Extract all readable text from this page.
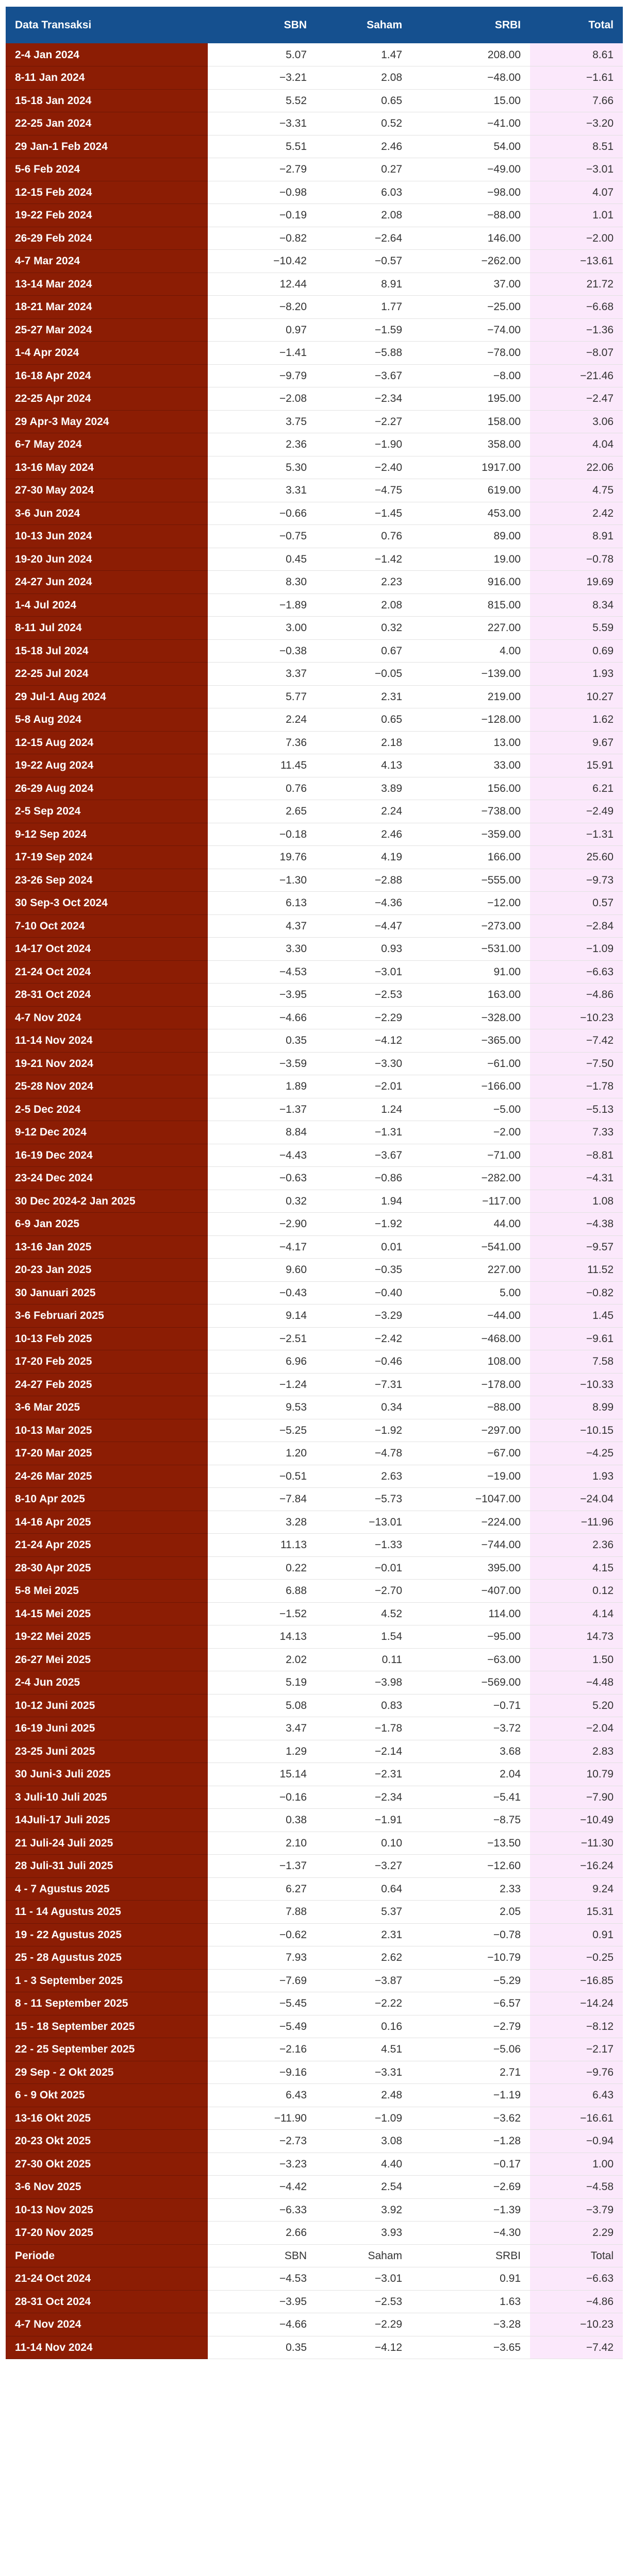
Data Transaksi	SBN	Saham	SRBI	Total
2-4 Jan 2024	5.07	1.47	208.00	8.61
8-11 Jan 2024	−3.21	2.08	−48.00	−1.61
15-18 Jan 2024	5.52	0.65	15.00	7.66
22-25 Jan 2024	−3.31	0.52	−41.00	−3.20
29 Jan-1 Feb 2024	5.51	2.46	54.00	8.51
5-6 Feb 2024	−2.79	0.27	−49.00	−3.01
12-15 Feb 2024	−0.98	6.03	−98.00	4.07
19-22 Feb 2024	−0.19	2.08	−88.00	1.01
26-29 Feb 2024	−0.82	−2.64	146.00	−2.00
4-7 Mar 2024	−10.42	−0.57	−262.00	−13.61
13-14 Mar 2024	12.44	8.91	37.00	21.72
18-21 Mar 2024	−8.20	1.77	−25.00	−6.68
25-27 Mar 2024	0.97	−1.59	−74.00	−1.36
1-4 Apr 2024	−1.41	−5.88	−78.00	−8.07
16-18 Apr 2024	−9.79	−3.67	−8.00	−21.46
22-25 Apr 2024	−2.08	−2.34	195.00	−2.47
29 Apr-3 May 2024	3.75	−2.27	158.00	3.06
6-7 May 2024	2.36	−1.90	358.00	4.04
13-16 May 2024	5.30	−2.40	1917.00	22.06
27-30 May 2024	3.31	−4.75	619.00	4.75
3-6 Jun 2024	−0.66	−1.45	453.00	2.42
10-13 Jun 2024	−0.75	0.76	89.00	8.91
19-20 Jun 2024	0.45	−1.42	19.00	−0.78
24-27 Jun 2024	8.30	2.23	916.00	19.69
1-4 Jul 2024	−1.89	2.08	815.00	8.34
8-11 Jul 2024	3.00	0.32	227.00	5.59
15-18 Jul 2024	−0.38	0.67	4.00	0.69
22-25 Jul 2024	3.37	−0.05	−139.00	1.93
29 Jul-1 Aug 2024	5.77	2.31	219.00	10.27
5-8 Aug 2024	2.24	0.65	−128.00	1.62
12-15 Aug 2024	7.36	2.18	13.00	9.67
19-22 Aug 2024	11.45	4.13	33.00	15.91
26-29 Aug 2024	0.76	3.89	156.00	6.21
2-5 Sep 2024	2.65	2.24	−738.00	−2.49
9-12 Sep 2024	−0.18	2.46	−359.00	−1.31
17-19 Sep 2024	19.76	4.19	166.00	25.60
23-26 Sep 2024	−1.30	−2.88	−555.00	−9.73
30 Sep-3 Oct 2024	6.13	−4.36	−12.00	0.57
7-10 Oct 2024	4.37	−4.47	−273.00	−2.84
14-17 Oct 2024	3.30	0.93	−531.00	−1.09
21-24 Oct 2024	−4.53	−3.01	91.00	−6.63
28-31 Oct 2024	−3.95	−2.53	163.00	−4.86
4-7 Nov 2024	−4.66	−2.29	−328.00	−10.23
11-14 Nov 2024	0.35	−4.12	−365.00	−7.42
19-21 Nov 2024	−3.59	−3.30	−61.00	−7.50
25-28 Nov 2024	1.89	−2.01	−166.00	−1.78
2-5 Dec 2024	−1.37	1.24	−5.00	−5.13
9-12 Dec 2024	8.84	−1.31	−2.00	7.33
16-19 Dec 2024	−4.43	−3.67	−71.00	−8.81
23-24 Dec 2024	−0.63	−0.86	−282.00	−4.31
30 Dec 2024-2 Jan 2025	0.32	1.94	−117.00	1.08
6-9 Jan 2025	−2.90	−1.92	44.00	−4.38
13-16 Jan 2025	−4.17	0.01	−541.00	−9.57
20-23 Jan 2025	9.60	−0.35	227.00	11.52
30 Januari 2025	−0.43	−0.40	5.00	−0.82
3-6 Februari 2025	9.14	−3.29	−44.00	1.45
10-13 Feb 2025	−2.51	−2.42	−468.00	−9.61
17-20 Feb 2025	6.96	−0.46	108.00	7.58
24-27 Feb 2025	−1.24	−7.31	−178.00	−10.33
3-6 Mar 2025	9.53	0.34	−88.00	8.99
10-13 Mar 2025	−5.25	−1.92	−297.00	−10.15
17-20 Mar 2025	1.20	−4.78	−67.00	−4.25
24-26 Mar 2025	−0.51	2.63	−19.00	1.93
8-10 Apr 2025	−7.84	−5.73	−1047.00	−24.04
14-16 Apr 2025	3.28	−13.01	−224.00	−11.96
21-24 Apr 2025	11.13	−1.33	−744.00	2.36
28-30 Apr 2025	0.22	−0.01	395.00	4.15
5-8 Mei 2025	6.88	−2.70	−407.00	0.12
14-15 Mei 2025	−1.52	4.52	114.00	4.14
19-22 Mei 2025	14.13	1.54	−95.00	14.73
26-27 Mei 2025	2.02	0.11	−63.00	1.50
2-4 Jun 2025	5.19	−3.98	−569.00	−4.48
10-12 Juni 2025	5.08	0.83	−0.71	5.20
16-19 Juni 2025	3.47	−1.78	−3.72	−2.04
23-25 Juni 2025	1.29	−2.14	3.68	2.83
30 Juni-3 Juli 2025	15.14	−2.31	2.04	10.79
3 Juli-10 Juli 2025	−0.16	−2.34	−5.41	−7.90
14Juli-17 Juli 2025	0.38	−1.91	−8.75	−10.49
21 Juli-24 Juli 2025	2.10	0.10	−13.50	−11.30
28 Juli-31 Juli 2025	−1.37	−3.27	−12.60	−16.24
4 - 7 Agustus 2025	6.27	0.64	2.33	9.24
11 - 14 Agustus 2025	7.88	5.37	2.05	15.31
19 - 22 Agustus 2025	−0.62	2.31	−0.78	0.91
25 - 28 Agustus 2025	7.93	2.62	−10.79	−0.25
1 - 3 September 2025	−7.69	−3.87	−5.29	−16.85
8 - 11 September 2025	−5.45	−2.22	−6.57	−14.24
15 - 18 September 2025	−5.49	0.16	−2.79	−8.12
22 - 25 September 2025	−2.16	4.51	−5.06	−2.17
29 Sep - 2 Okt 2025	−9.16	−3.31	2.71	−9.76
6 - 9 Okt 2025	6.43	2.48	−1.19	6.43
13-16 Okt 2025	−11.90	−1.09	−3.62	−16.61
20-23 Okt 2025	−2.73	3.08	−1.28	−0.94
27-30 Okt 2025	−3.23	4.40	−0.17	1.00
3-6 Nov 2025	−4.42	2.54	−2.69	−4.58
10-13 Nov 2025	−6.33	3.92	−1.39	−3.79
17-20 Nov 2025	2.66	3.93	−4.30	2.29
Periode	SBN	Saham	SRBI	Total
21-24 Oct 2024	−4.53	−3.01	0.91	−6.63
28-31 Oct 2024	−3.95	−2.53	1.63	−4.86
4-7 Nov 2024	−4.66	−2.29	−3.28	−10.23
11-14 Nov 2024	0.35	−4.12	−3.65	−7.42
